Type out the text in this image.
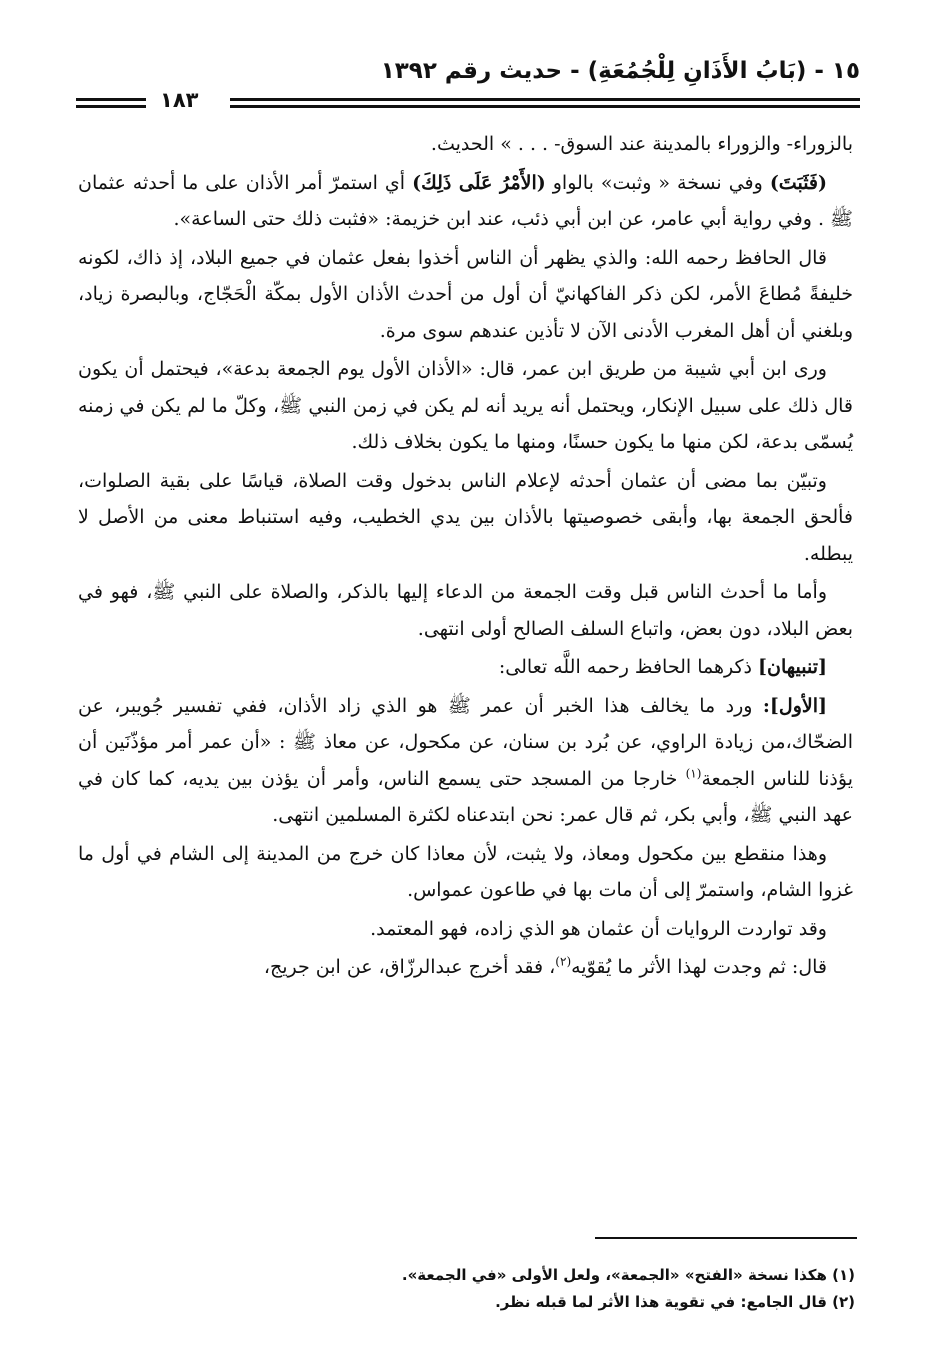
١٥ - (بَابُ الأَذَانِ لِلْجُمُعَةِ) - حديث رقم ١٣٩٢
١٨٣

بالزوراء- والزوراء بالمدينة عند السوق- . . . » الحديث.

(فَثَبَتَ) وفي نسخة « وثبت» بالواو (الأَمْرُ عَلَى ذَلِكَ) أي استمرّ أمر الأذان على ما أحدثه عثمان ﷺ . وفي رواية أبي عامر، عن ابن أبي ذئب، عند ابن خزيمة: «فثبت ذلك حتى الساعة».

قال الحافظ رحمه الله: والذي يظهر أن الناس أخذوا بفعل عثمان في جميع البلاد، إذ ذاك، لكونه خليفةً مُطاعَ الأمر، لكن ذكر الفاكهانيّ أن أول من أحدث الأذان الأول بمكّة الْحَجّاج، وبالبصرة زياد، وبلغني أن أهل المغرب الأدنى الآن لا تأذين عندهم سوى مرة.

ورى ابن أبي شيبة من طريق ابن عمر، قال: «الأذان الأول يوم الجمعة بدعة»، فيحتمل أن يكون قال ذلك على سبيل الإنكار، ويحتمل أنه يريد أنه لم يكن في زمن النبي ﷺ، وكلّ ما لم يكن في زمنه يُسمّى بدعة، لكن منها ما يكون حسنًا، ومنها ما يكون بخلاف ذلك.

وتبيّن بما مضى أن عثمان أحدثه لإعلام الناس بدخول وقت الصلاة، قياسًا على بقية الصلوات، فألحق الجمعة بها، وأبقى خصوصيتها بالأذان بين يدي الخطيب، وفيه استنباط معنى من الأصل لا يبطله.

وأما ما أحدث الناس قبل وقت الجمعة من الدعاء إليها بالذكر، والصلاة على النبي ﷺ، فهو في بعض البلاد، دون بعض، واتباع السلف الصالح أولى انتهى.

[تنبيهان] ذكرهما الحافظ رحمه اللَّه تعالى:

[الأول]: ورد ما يخالف هذا الخبر أن عمر ﷺ هو الذي زاد الأذان، ففي تفسير جُويبر، عن الضحّاك،من زيادة الراوي، عن بُرد بن سنان، عن مكحول، عن معاذ ﷺ : «أن عمر أمر مؤذّنَين أن يؤذنا للناس الجمعة$^{(١)}$ خارجا من المسجد حتى يسمع الناس، وأمر أن يؤذن بين يديه، كما كان في عهد النبي ﷺ، وأبي بكر، ثم قال عمر: نحن ابتدعناه لكثرة المسلمين انتهى.

وهذا منقطع بين مكحول ومعاذ، ولا يثبت، لأن معاذا كان خرج من المدينة إلى الشام في أول ما غزوا الشام، واستمرّ إلى أن مات بها في طاعون عمواس.

وقد تواردت الروايات أن عثمان هو الذي زاده، فهو المعتمد.

قال: ثم وجدت لهذا الأثر ما يُقوّيه$^{(٢)}$، فقد أخرج عبدالرزّاق، عن ابن جريج،

(١) هكذا نسخة «الفتح» «الجمعة»، ولعل الأولى «في الجمعة».
(٢) قال الجامع: في تقوية هذا الأثر لما قبله نظر.
